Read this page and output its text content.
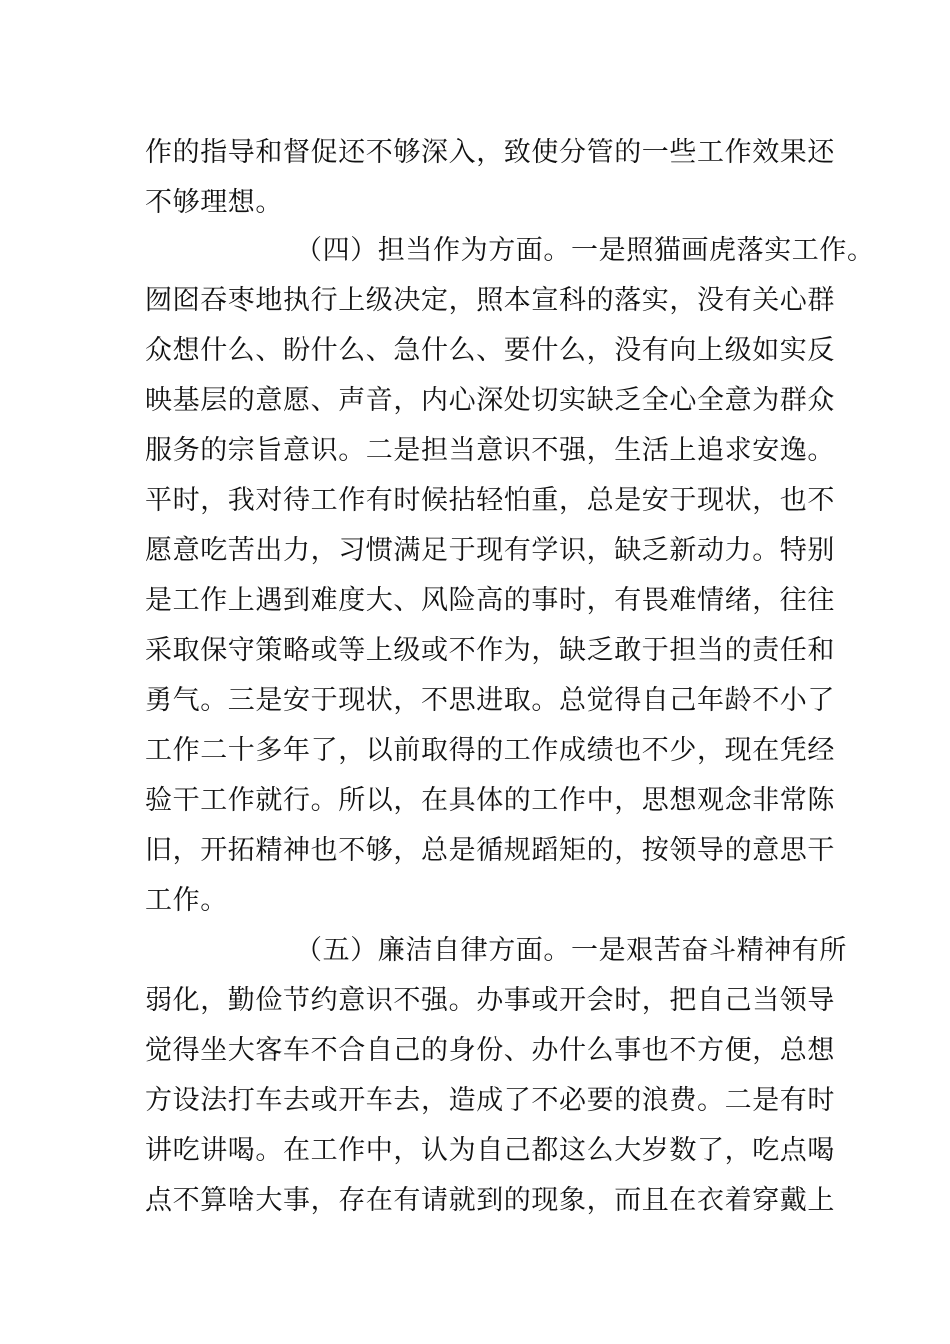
作的指导和督促还不够深入，致使分管的一些工作效果还
不够理想。
（四）担当作为方面。一是照猫画虎落实工作。
囫囵吞枣地执行上级决定，照本宣科的落实，没有关心群
众想什么、盼什么、急什么、要什么，没有向上级如实反
映基层的意愿、声音，内心深处切实缺乏全心全意为群众
服务的宗旨意识。二是担当意识不强，生活上追求安逸。
平时，我对待工作有时候拈轻怕重，总是安于现状，也不
愿意吃苦出力，习惯满足于现有学识，缺乏新动力。特别
是工作上遇到难度大、风险高的事时，有畏难情绪，往往
采取保守策略或等上级或不作为，缺乏敢于担当的责任和
勇气。三是安于现状，不思进取。总觉得自己年龄不小了
工作二十多年了，以前取得的工作成绩也不少，现在凭经
验干工作就行。所以，在具体的工作中，思想观念非常陈
旧，开拓精神也不够，总是循规蹈矩的，按领导的意思干
工作。
（五）廉洁自律方面。一是艰苦奋斗精神有所
弱化，勤俭节约意识不强。办事或开会时，把自己当领导
觉得坐大客车不合自己的身份、办什么事也不方便，总想
方设法打车去或开车去，造成了不必要的浪费。二是有时
讲吃讲喝。在工作中，认为自己都这么大岁数了，吃点喝
点不算啥大事，存在有请就到的现象，而且在衣着穿戴上
